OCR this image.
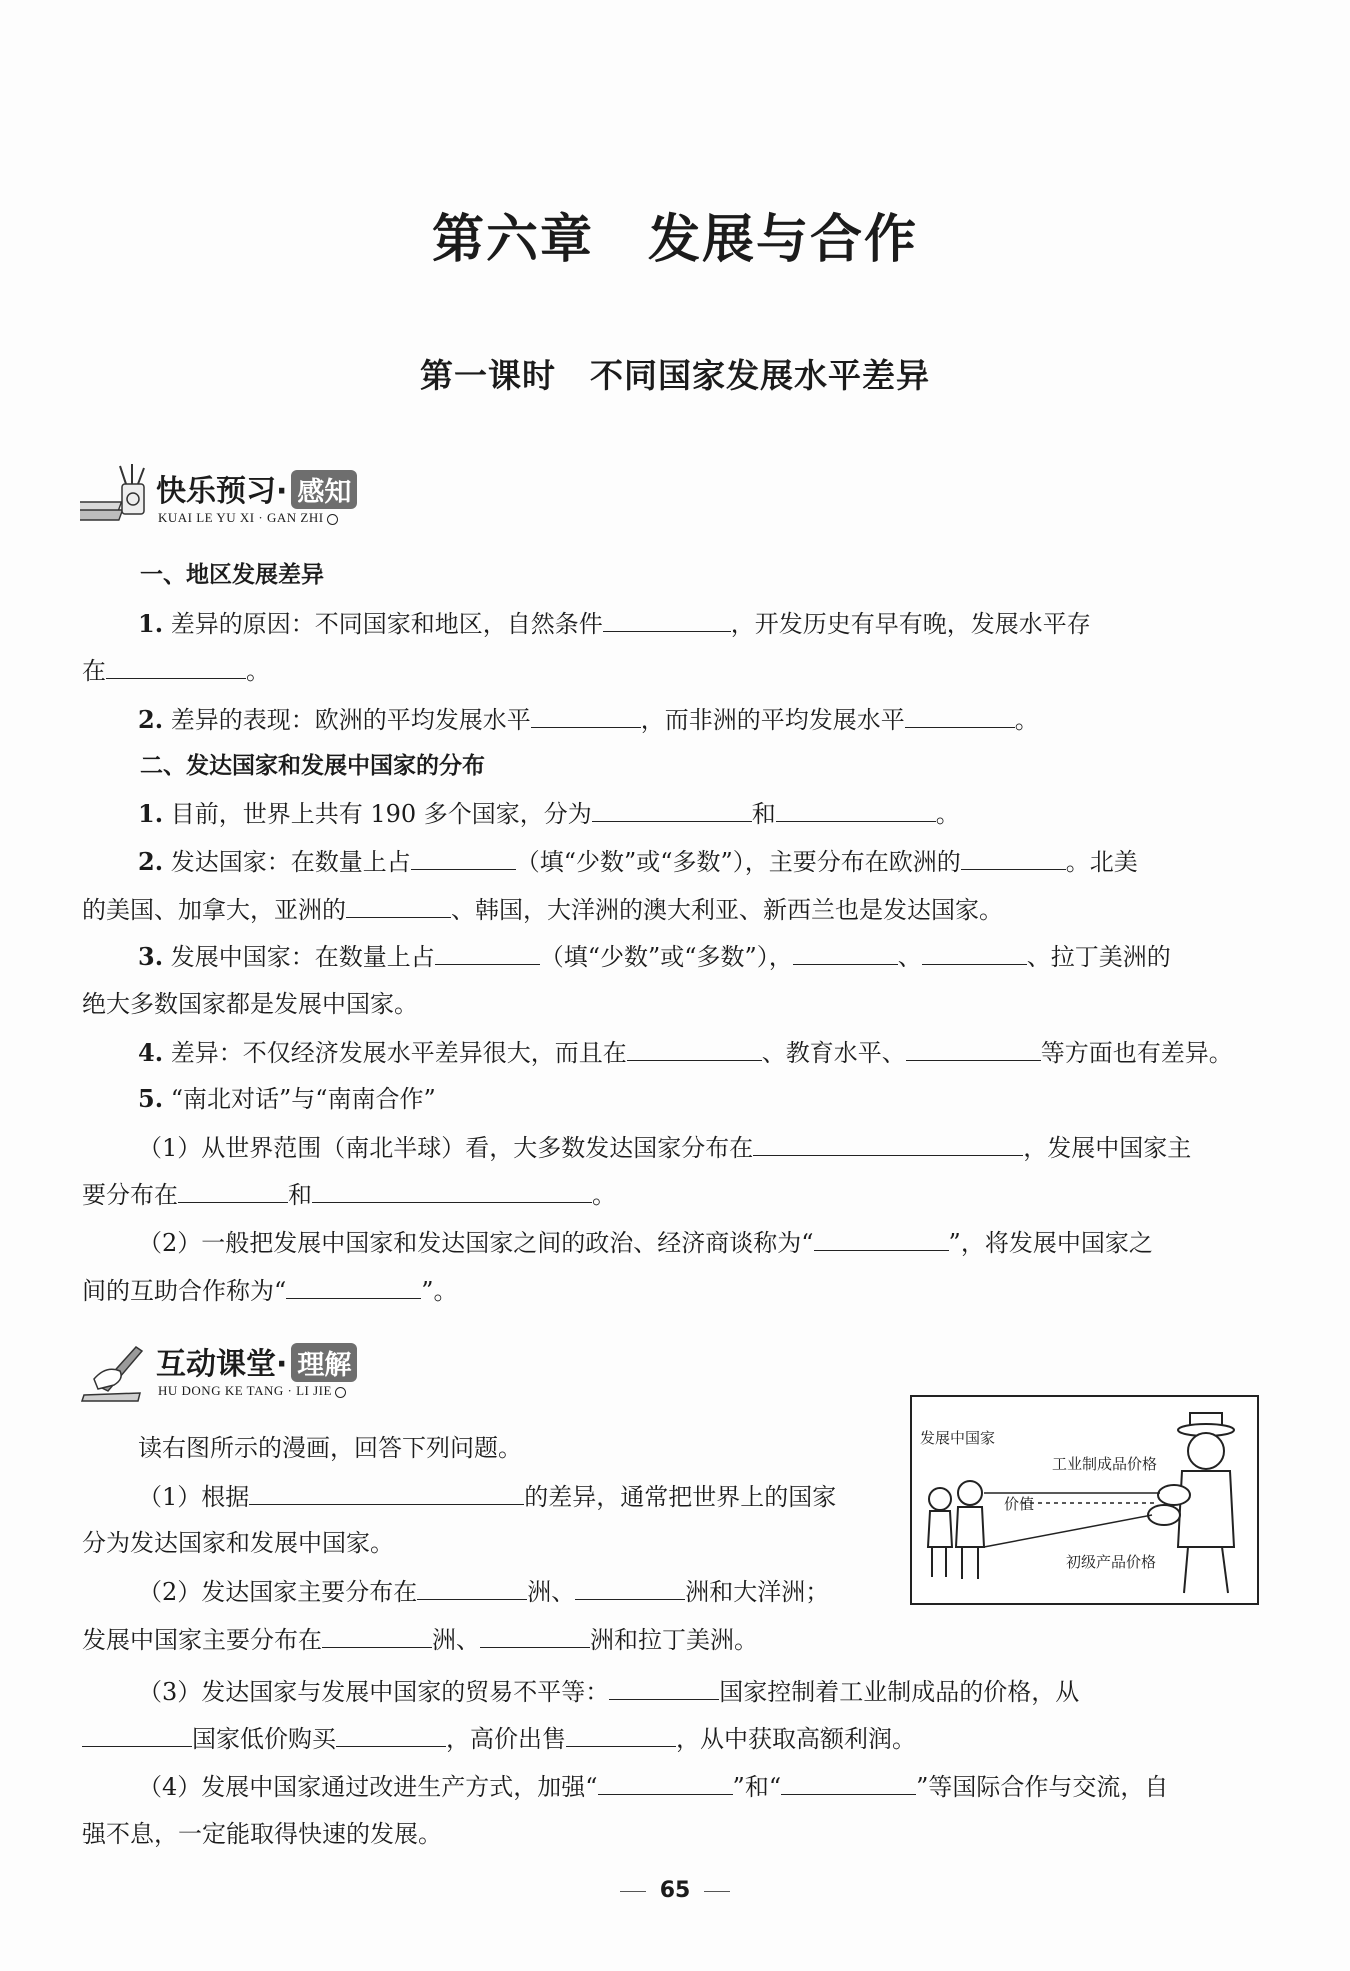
第六章　发展与合作
第一课时　不同国家发展水平差异
快乐预习· 感知
KUAI LE YU XI · GAN ZHI
一、地区发展差异
1. 差异的原因：不同国家和地区，自然条件	，开发历史有早有晚，发展水平存
在	。
2. 差异的表现：欧洲的平均发展水平	，而非洲的平均发展水平	。
二、发达国家和发展中国家的分布
1. 目前，世界上共有 190 多个国家，分为	和	。
2. 发达国家：在数量上占	（填“少数”或“多数”），主要分布在欧洲的	。北美
的美国、加拿大，亚洲的	、韩国，大洋洲的澳大利亚、新西兰也是发达国家。
3. 发展中国家：在数量上占	（填“少数”或“多数”），	、	、拉丁美洲的
绝大多数国家都是发展中国家。
4. 差异：不仅经济发展水平差异很大，而且在	、教育水平、	等方面也有差异。
5. “南北对话”与“南南合作”
（1）从世界范围（南北半球）看，大多数发达国家分布在	，发展中国家主
要分布在	和	。
（2）一般把发展中国家和发达国家之间的政治、经济商谈称为“	”，将发展中国家之
间的互助合作称为“	”。
互动课堂· 理解
HU DONG KE TANG · LI JIE
读右图所示的漫画，回答下列问题。
（1）根据	的差异，通常把世界上的国家
分为发达国家和发展中国家。
（2）发达国家主要分布在	洲、	洲和大洋洲；
发展中国家主要分布在	洲、	洲和拉丁美洲。
（3）发达国家与发展中国家的贸易不平等：	国家控制着工业制成品的价格，从
国家低价购买	，高价出售	，从中获取高额利润。
（4）发展中国家通过改进生产方式，加强“	”和“	”等国际合作与交流，自
强不息，一定能取得快速的发展。
发展中国家
工业制成品价格
价值
初级产品价格
65
